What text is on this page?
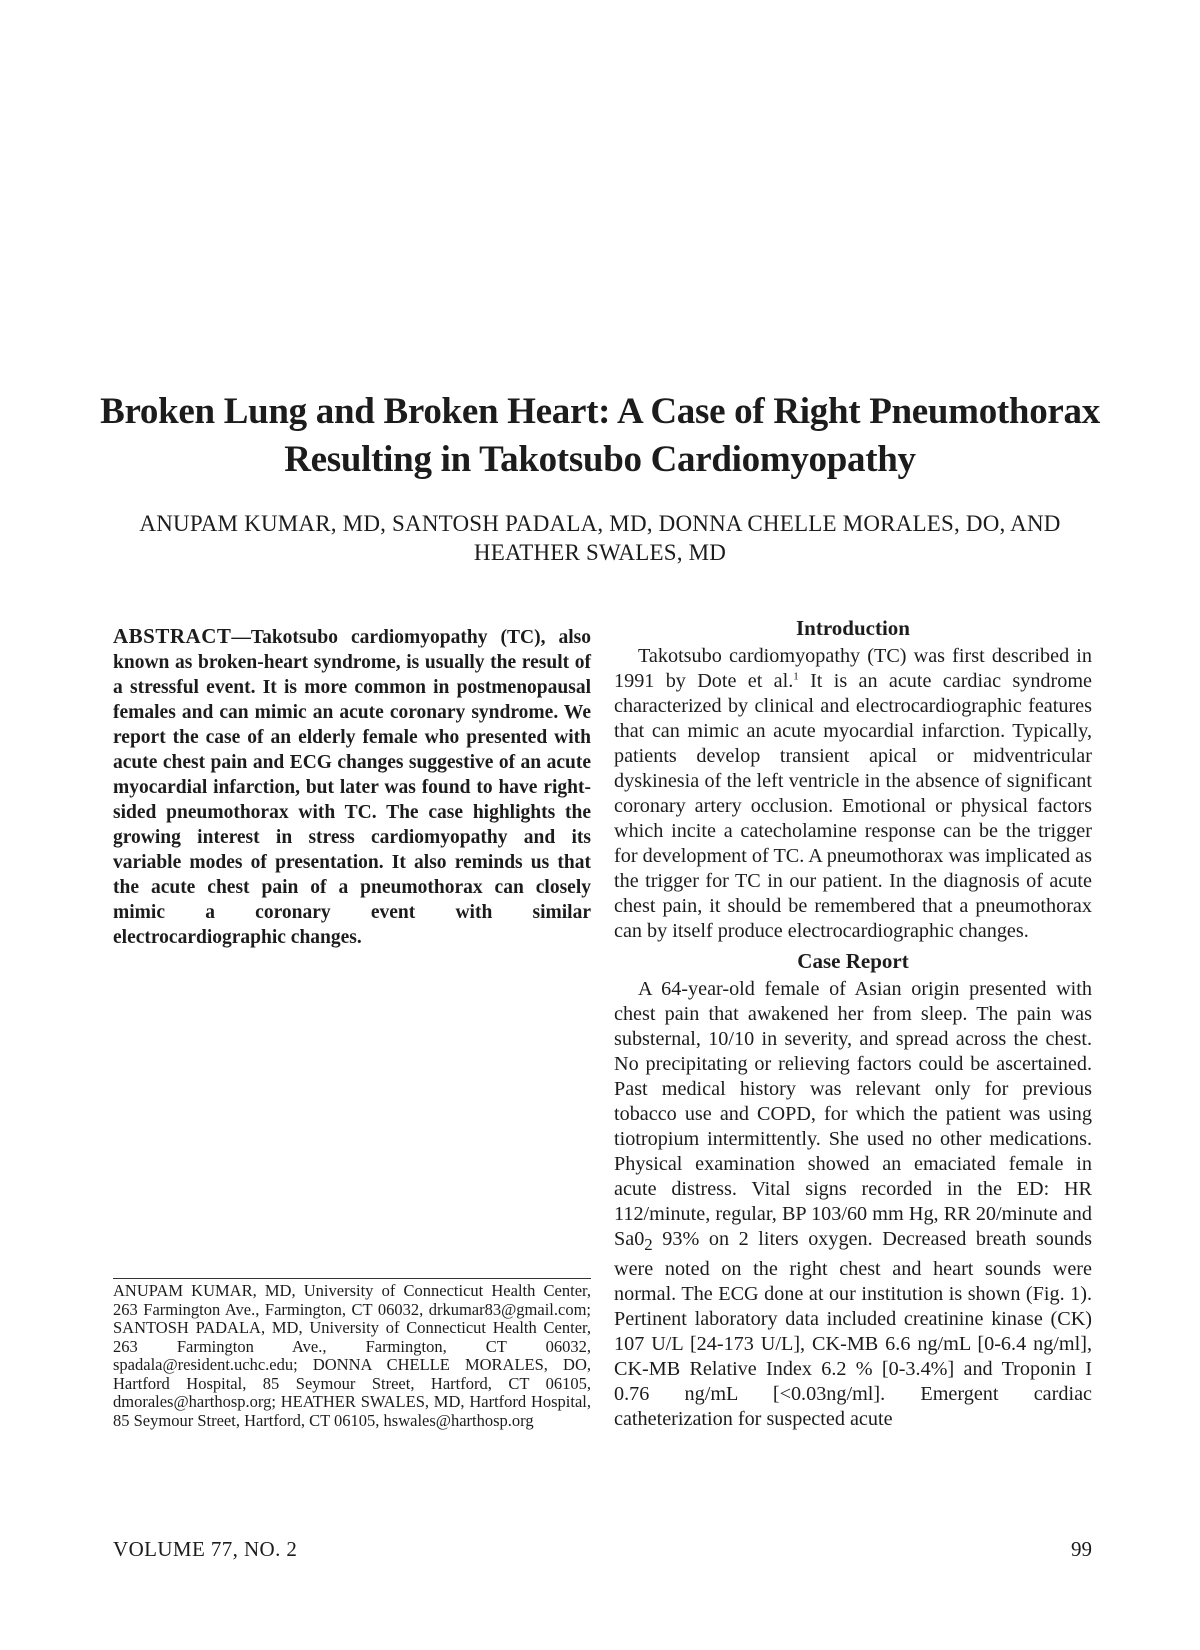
Broken Lung and Broken Heart: A Case of Right Pneumothorax Resulting in Takotsubo Cardiomyopathy

ANUPAM KUMAR, MD, SANTOSH PADALA, MD, DONNA CHELLE MORALES, DO, AND HEATHER SWALES, MD

ABSTRACT—Takotsubo cardiomyopathy (TC), also known as broken-heart syndrome, is usually the result of a stressful event. It is more common in postmenopausal females and can mimic an acute coronary syndrome. We report the case of an elderly female who presented with acute chest pain and ECG changes suggestive of an acute myocardial infarction, but later was found to have right-sided pneumothorax with TC. The case highlights the growing interest in stress cardiomyopathy and its variable modes of presentation. It also reminds us that the acute chest pain of a pneumothorax can closely mimic a coronary event with similar electrocardiographic changes.

ANUPAM KUMAR, MD, University of Connecticut Health Center, 263 Farmington Ave., Farmington, CT 06032, drkumar83@gmail.com; SANTOSH PADALA, MD, University of Connecticut Health Center, 263 Farmington Ave., Farmington, CT 06032, spadala@resident.uchc.edu; DONNA CHELLE MORALES, DO, Hartford Hospital, 85 Seymour Street, Hartford, CT 06105, dmorales@harthosp.org; HEATHER SWALES, MD, Hartford Hospital, 85 Seymour Street, Hartford, CT 06105, hswales@harthosp.org

Introduction

Takotsubo cardiomyopathy (TC) was first described in 1991 by Dote et al.$^1$ It is an acute cardiac syndrome characterized by clinical and electrocardiographic features that can mimic an acute myocardial infarction. Typically, patients develop transient apical or midventricular dyskinesia of the left ventricle in the absence of significant coronary artery occlusion. Emotional or physical factors which incite a catecholamine response can be the trigger for development of TC. A pneumothorax was implicated as the trigger for TC in our patient. In the diagnosis of acute chest pain, it should be remembered that a pneumothorax can by itself produce electrocardiographic changes.

Case Report

A 64-year-old female of Asian origin presented with chest pain that awakened her from sleep. The pain was substernal, 10/10 in severity, and spread across the chest. No precipitating or relieving factors could be ascertained. Past medical history was relevant only for previous tobacco use and COPD, for which the patient was using tiotropium intermittently. She used no other medications. Physical examination showed an emaciated female in acute distress. Vital signs recorded in the ED: HR 112/minute, regular, BP 103/60 mm Hg, RR 20/minute and $Sa0_2$ 93% on 2 liters oxygen. Decreased breath sounds were noted on the right chest and heart sounds were normal. The ECG done at our institution is shown (Fig. 1). Pertinent laboratory data included creatinine kinase (CK) 107 U/L [24-173 U/L], CK-MB 6.6 ng/mL [0-6.4 ng/ml], CK-MB Relative Index 6.2 % [0-3.4%] and Troponin I 0.76 ng/mL [<0.03ng/ml]. Emergent cardiac catheterization for suspected acute

VOLUME 77, NO. 2	99
